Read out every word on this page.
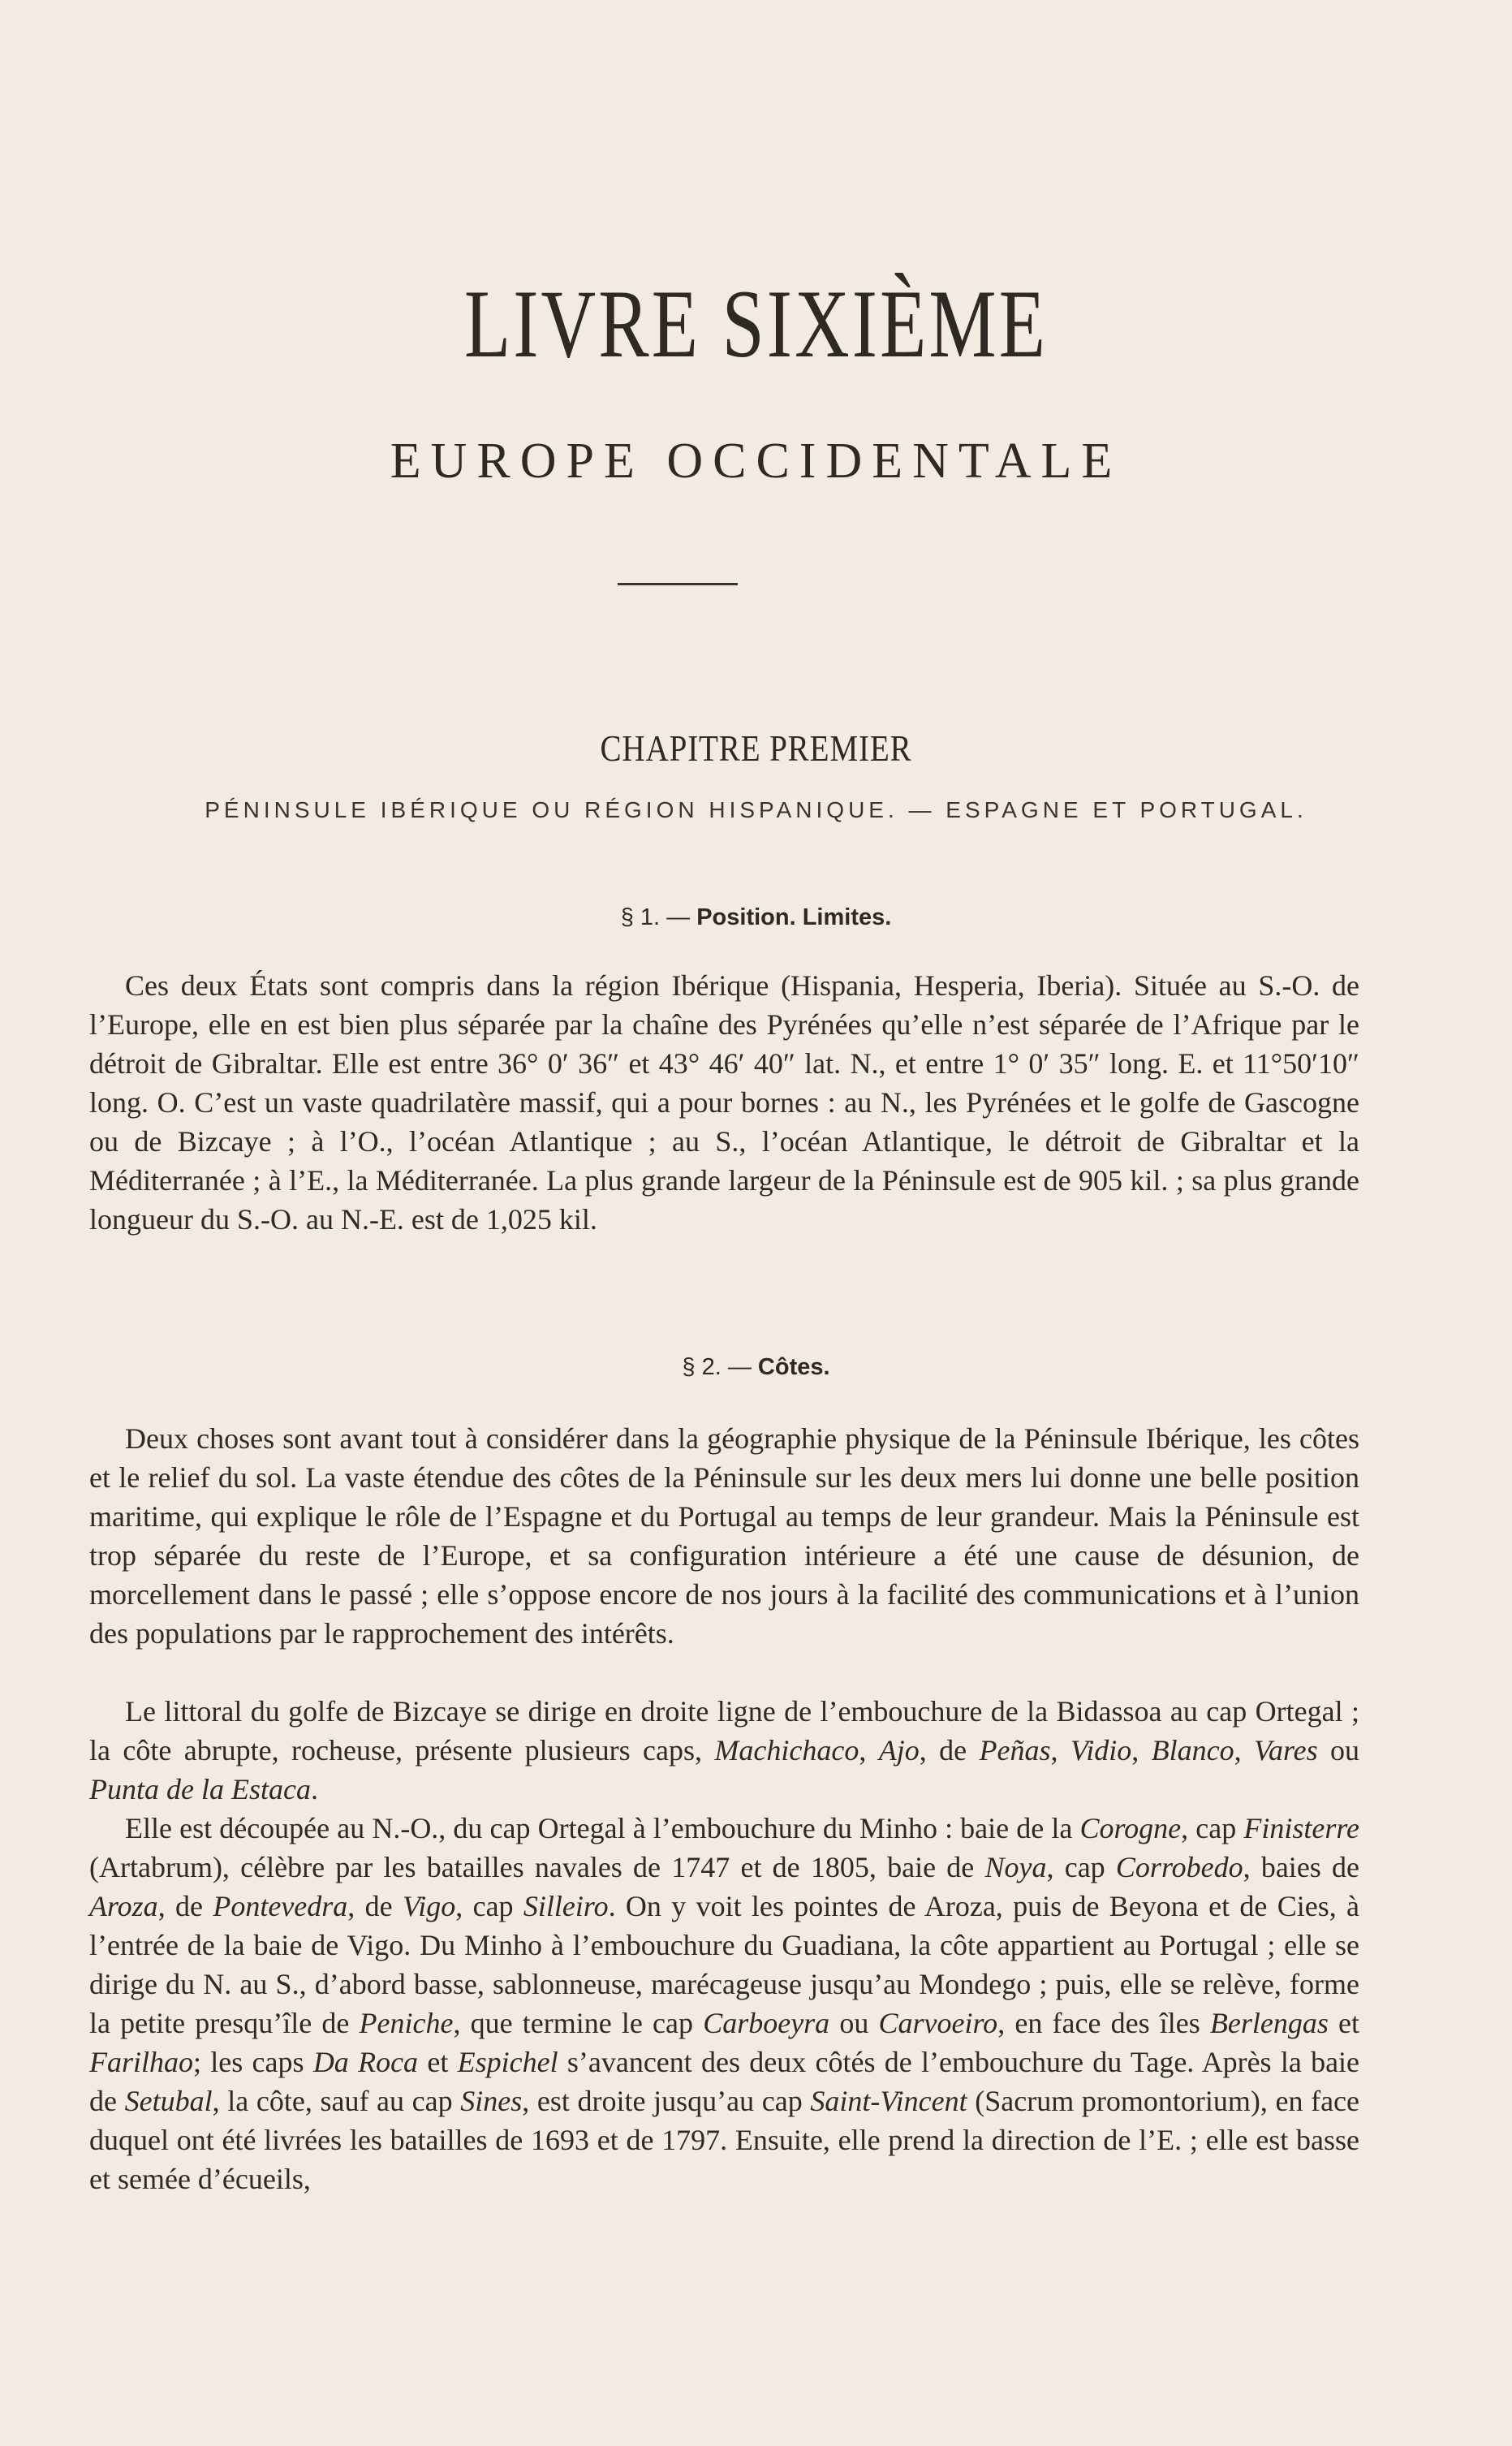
LIVRE SIXIÈME
EUROPE OCCIDENTALE
CHAPITRE PREMIER
PÉNINSULE IBÉRIQUE OU RÉGION HISPANIQUE. — ESPAGNE ET PORTUGAL.
§ 1. — Position. Limites.

Ces deux États sont compris dans la région Ibérique (Hispania, Hesperia, Iberia). Située au S.-O. de l’Europe, elle en est bien plus séparée par la chaîne des Pyrénées qu’elle n’est séparée de l’Afrique par le détroit de Gibraltar. Elle est entre 36° 0′ 36″ et 43° 46′ 40″ lat. N., et entre 1° 0′ 35″ long. E. et 11°50′10″ long. O. C’est un vaste quadrilatère massif, qui a pour bornes : au N., les Pyrénées et le golfe de Gascogne ou de Bizcaye ; à l’O., l’océan Atlantique ; au S., l’océan Atlantique, le détroit de Gibraltar et la Méditerranée ; à l’E., la Méditerranée. La plus grande largeur de la Péninsule est de 905 kil. ; sa plus grande longueur du S.-O. au N.-E. est de 1,025 kil.

§ 2. — Côtes.

Deux choses sont avant tout à considérer dans la géographie physique de la Péninsule Ibérique, les côtes et le relief du sol. La vaste étendue des côtes de la Péninsule sur les deux mers lui donne une belle position maritime, qui explique le rôle de l’Espagne et du Portugal au temps de leur grandeur. Mais la Péninsule est trop séparée du reste de l’Europe, et sa configuration intérieure a été une cause de désunion, de morcellement dans le passé ; elle s’oppose encore de nos jours à la facilité des communications et à l’union des populations par le rapprochement des intérêts.

Le littoral du golfe de Bizcaye se dirige en droite ligne de l’embouchure de la Bidassoa au cap Ortegal ; la côte abrupte, rocheuse, présente plusieurs caps, Machichaco, Ajo, de Peñas, Vidio, Blanco, Vares ou Punta de la Estaca.

Elle est découpée au N.-O., du cap Ortegal à l’embouchure du Minho : baie de la Corogne, cap Finisterre (Artabrum), célèbre par les batailles navales de 1747 et de 1805, baie de Noya, cap Corrobedo, baies de Aroza, de Pontevedra, de Vigo, cap Silleiro. On y voit les pointes de Aroza, puis de Beyona et de Cies, à l’entrée de la baie de Vigo. Du Minho à l’embouchure du Guadiana, la côte appartient au Portugal ; elle se dirige du N. au S., d’abord basse, sablonneuse, marécageuse jusqu’au Mondego ; puis, elle se relève, forme la petite presqu’île de Peniche, que termine le cap Carboeyra ou Carvoeiro, en face des îles Berlengas et Farilhao; les caps Da Roca et Espichel s’avancent des deux côtés de l’embouchure du Tage. Après la baie de Setubal, la côte, sauf au cap Sines, est droite jusqu’au cap Saint-Vincent (Sacrum promontorium), en face duquel ont été livrées les batailles de 1693 et de 1797. Ensuite, elle prend la direction de l’E. ; elle est basse et semée d’écueils,
